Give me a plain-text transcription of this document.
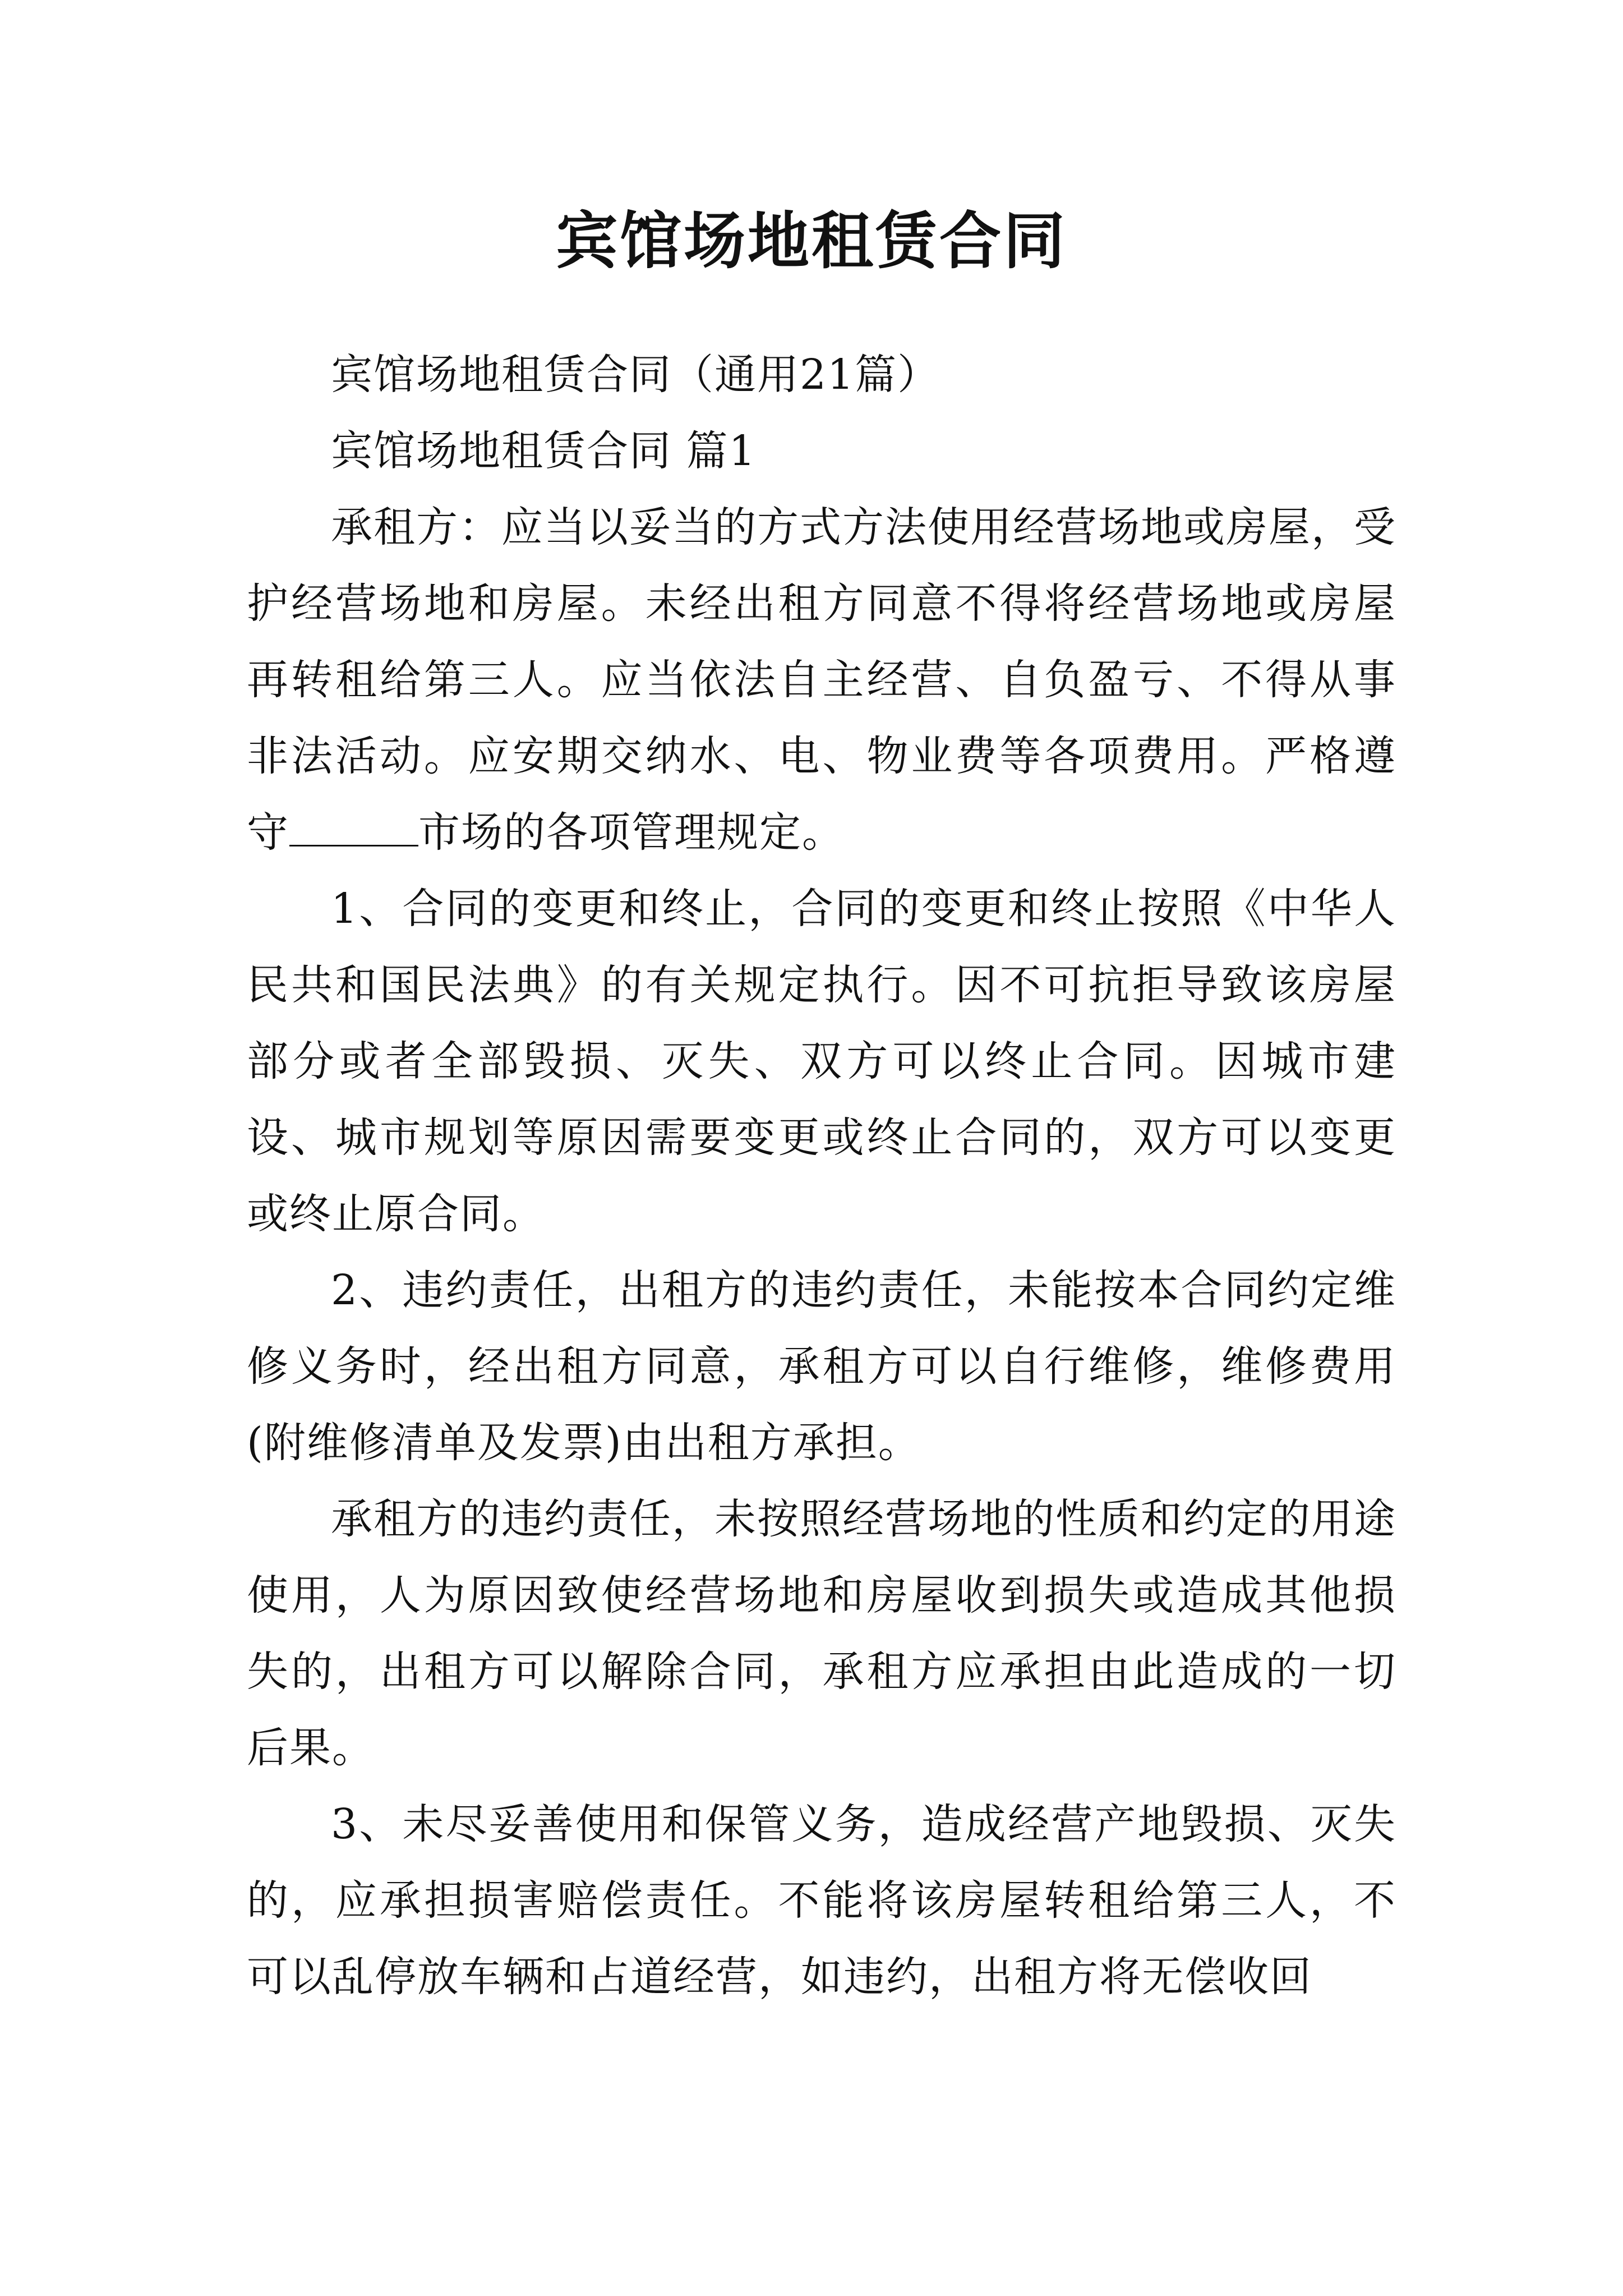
宾馆场地租赁合同

宾馆场地租赁合同（通用21篇）

宾馆场地租赁合同 篇1

承租方：应当以妥当的方式方法使用经营场地或房屋，受护经营场地和房屋。未经出租方同意不得将经营场地或房屋再转租给第三人。应当依法自主经营、自负盈亏、不得从事非法活动。应安期交纳水、电、物业费等各项费用。严格遵守	市场的各项管理规定。

1、合同的变更和终止，合同的变更和终止按照《中华人民共和国民法典》的有关规定执行。因不可抗拒导致该房屋部分或者全部毁损、灭失、双方可以终止合同。因城市建设、城市规划等原因需要变更或终止合同的，双方可以变更或终止原合同。

2、违约责任，出租方的违约责任，未能按本合同约定维修义务时，经出租方同意，承租方可以自行维修，维修费用(附维修清单及发票)由出租方承担。

承租方的违约责任，未按照经营场地的性质和约定的用途使用，人为原因致使经营场地和房屋收到损失或造成其他损失的，出租方可以解除合同，承租方应承担由此造成的一切后果。

3、未尽妥善使用和保管义务，造成经营产地毁损、灭失的，应承担损害赔偿责任。不能将该房屋转租给第三人，不可以乱停放车辆和占道经营，如违约，出租方将无偿收回
